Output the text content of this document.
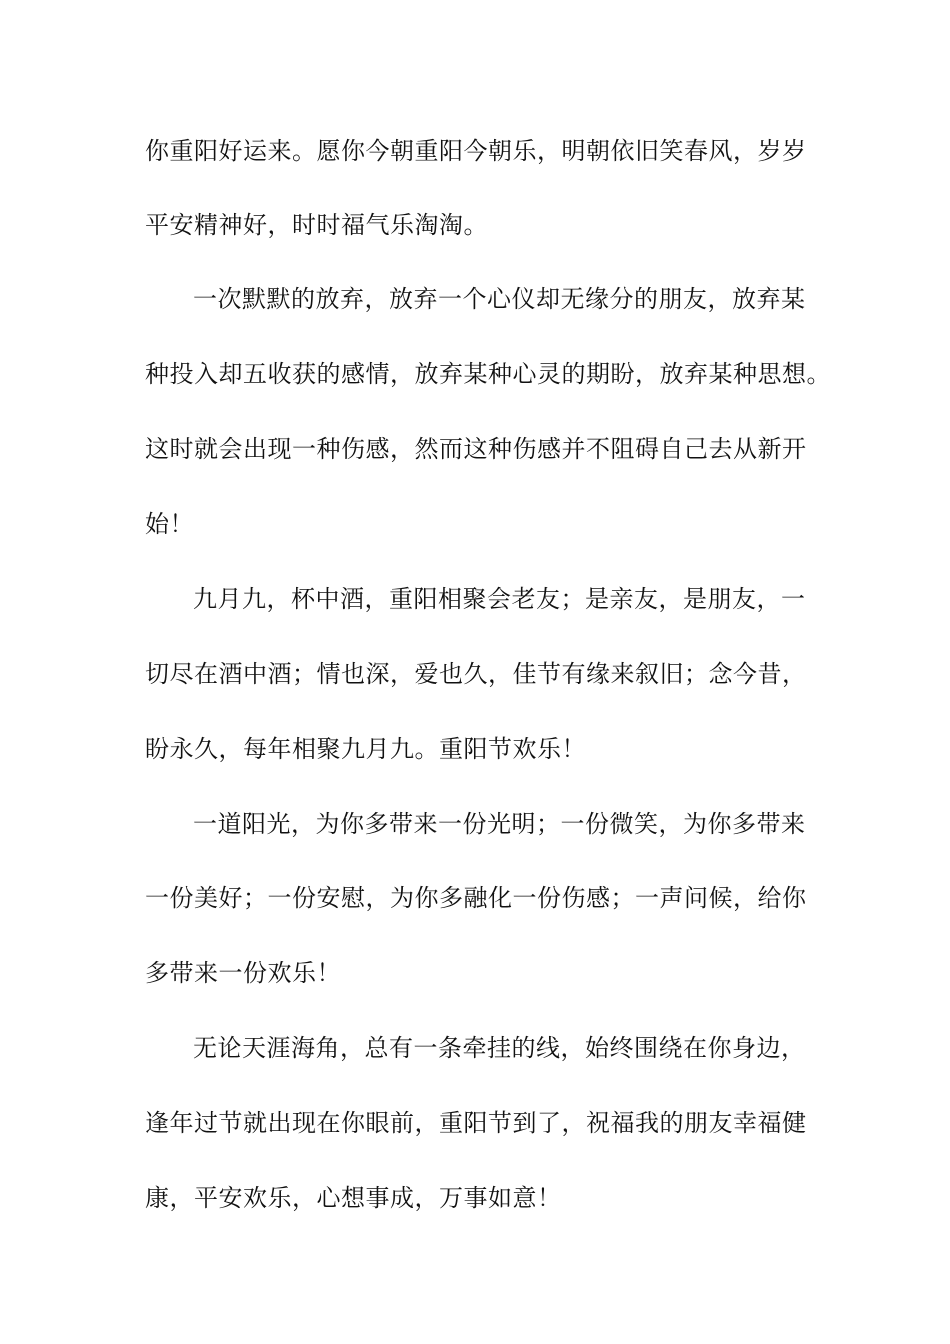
你重阳好运来。愿你今朝重阳今朝乐，明朝依旧笑春风，岁岁
平安精神好，时时福气乐淘淘。
一次默默的放弃，放弃一个心仪却无缘分的朋友，放弃某
种投入却五收获的感情，放弃某种心灵的期盼，放弃某种思想。
这时就会出现一种伤感，然而这种伤感并不阻碍自己去从新开
始！
九月九，杯中酒，重阳相聚会老友；是亲友，是朋友，一
切尽在酒中酒；情也深，爱也久，佳节有缘来叙旧；念今昔，
盼永久，每年相聚九月九。重阳节欢乐！
一道阳光，为你多带来一份光明；一份微笑，为你多带来
一份美好；一份安慰，为你多融化一份伤感；一声问候，给你
多带来一份欢乐！
无论天涯海角，总有一条牵挂的线，始终围绕在你身边，
逢年过节就出现在你眼前，重阳节到了，祝福我的朋友幸福健
康，平安欢乐，心想事成，万事如意！
